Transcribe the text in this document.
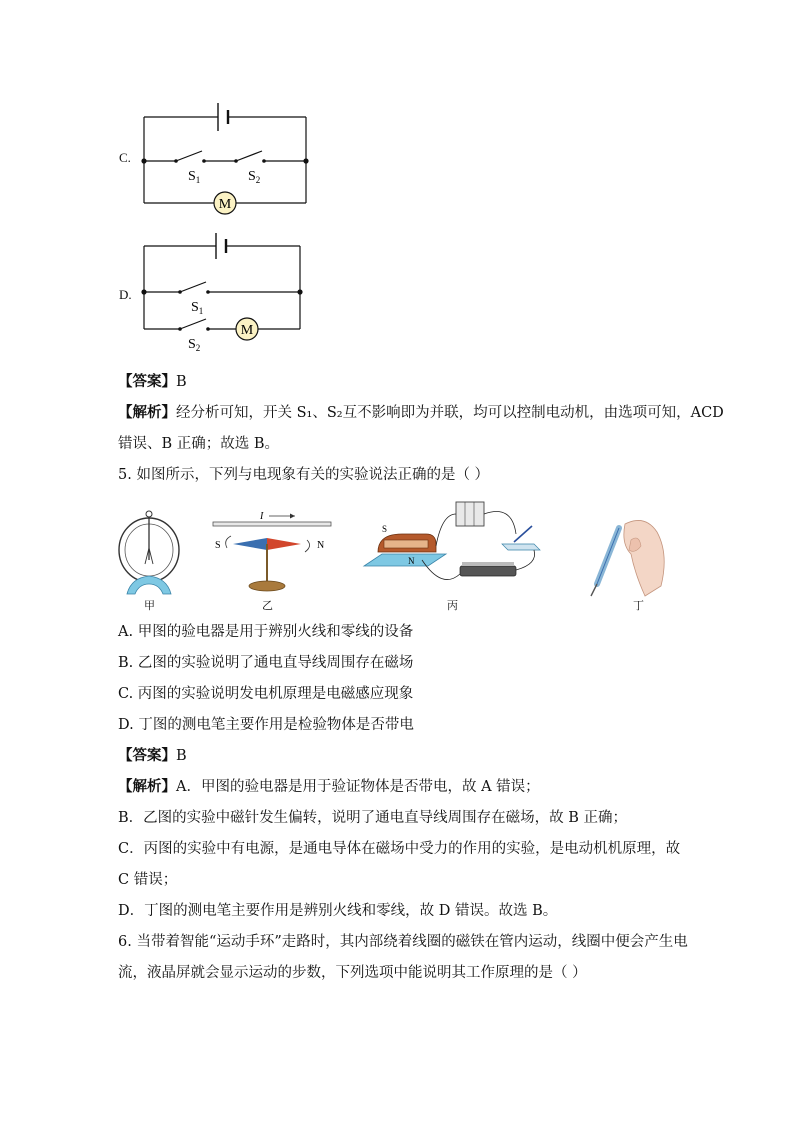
C.
M
$S_1$	$S_2$
D.
M
$S_1$
$S_2$
【答案】B
【解析】经分析可知，开关 S₁、S₂互不影响即为并联，均可以控制电动机，由选项可知，ACD
错误、B 正确；故选 B。
5. 如图所示，下列与电现象有关的实验说法正确的是（ ）
甲
I
S	N
乙
S
N
丙	丁
A. 甲图的验电器是用于辨别火线和零线的设备
B. 乙图的实验说明了通电直导线周围存在磁场
C. 丙图的实验说明发电机原理是电磁感应现象
D. 丁图的测电笔主要作用是检验物体是否带电
【答案】B
【解析】A．甲图的验电器是用于验证物体是否带电，故 A 错误；
B．乙图的实验中磁针发生偏转，说明了通电直导线周围存在磁场，故 B 正确；
C．丙图的实验中有电源，是通电导体在磁场中受力的作用的实验，是电动机机原理，故
C 错误；
D．丁图的测电笔主要作用是辨别火线和零线，故 D 错误。故选 B。
6. 当带着智能“运动手环”走路时，其内部绕着线圈的磁铁在管内运动，线圈中便会产生电
流，液晶屏就会显示运动的步数，下列选项中能说明其工作原理的是（ ）
